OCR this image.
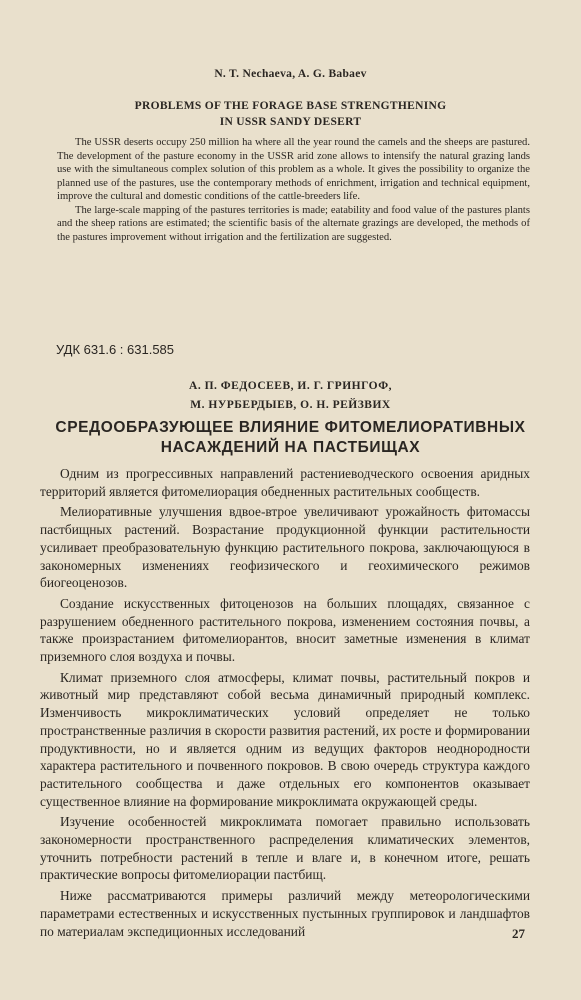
N. T. Nechaeva, A. G. Babaev
PROBLEMS OF THE FORAGE BASE STRENGTHENING
IN USSR SANDY DESERT

The USSR deserts occupy 250 million ha where all the year round the camels and the sheeps are pastured. The development of the pasture economy in the USSR arid zone allows to intensify the natural grazing lands use with the simultaneous complex solution of this problem as a whole. It gives the possibility to organize the planned use of the pastures, use the contemporary methods of enrichment, irrigation and technical equipment, improve the cultural and domestic conditions of the cattle-breeders life.

The large-scale mapping of the pastures territories is made; eatability and food value of the pastures plants and the sheep rations are estimated; the scientific basis of the alternate grazings are developed, the methods of the pastures improvement without irrigation and the fertilization are suggested.

УДК 631.6 : 631.585
А. П. ФЕДОСЕЕВ, И. Г. ГРИНГОФ,
М. НУРБЕРДЫЕВ, О. Н. РЕЙЗВИХ
СРЕДООБРАЗУЮЩЕЕ ВЛИЯНИЕ ФИТОМЕЛИОРАТИВНЫХ
НАСАЖДЕНИЙ НА ПАСТБИЩАХ

Одним из прогрессивных направлений растениеводческого освоения аридных территорий является фитомелиорация обедненных растительных сообществ.

Мелиоративные улучшения вдвое-втрое увеличивают урожайность фитомассы пастбищных растений. Возрастание продукционной функции растительности усиливает преобразовательную функцию растительного покрова, заключающуюся в закономерных изменениях геофизического и геохимического режимов биогеоценозов.

Создание искусственных фитоценозов на больших площадях, связанное с разрушением обедненного растительного покрова, изменением состояния почвы, а также произрастанием фитомелиорантов, вносит заметные изменения в климат приземного слоя воздуха и почвы.

Климат приземного слоя атмосферы, климат почвы, растительный покров и животный мир представляют собой весьма динамичный природный комплекс. Изменчивость микроклиматических условий определяет не только пространственные различия в скорости развития растений, их росте и формировании продуктивности, но и является одним из ведущих факторов неоднородности характера растительного и почвенного покровов. В свою очередь структура каждого растительного сообщества и даже отдельных его компонентов оказывает существенное влияние на формирование микроклимата окружающей среды.

Изучение особенностей микроклимата помогает правильно использовать закономерности пространственного распределения климатических элементов, уточнить потребности растений в тепле и влаге и, в конечном итоге, решать практические вопросы фитомелиорации пастбищ.

Ниже рассматриваются примеры различий между метеорологическими параметрами естественных и искусственных пустынных группировок и ландшафтов по материалам экспедиционных исследований	27
